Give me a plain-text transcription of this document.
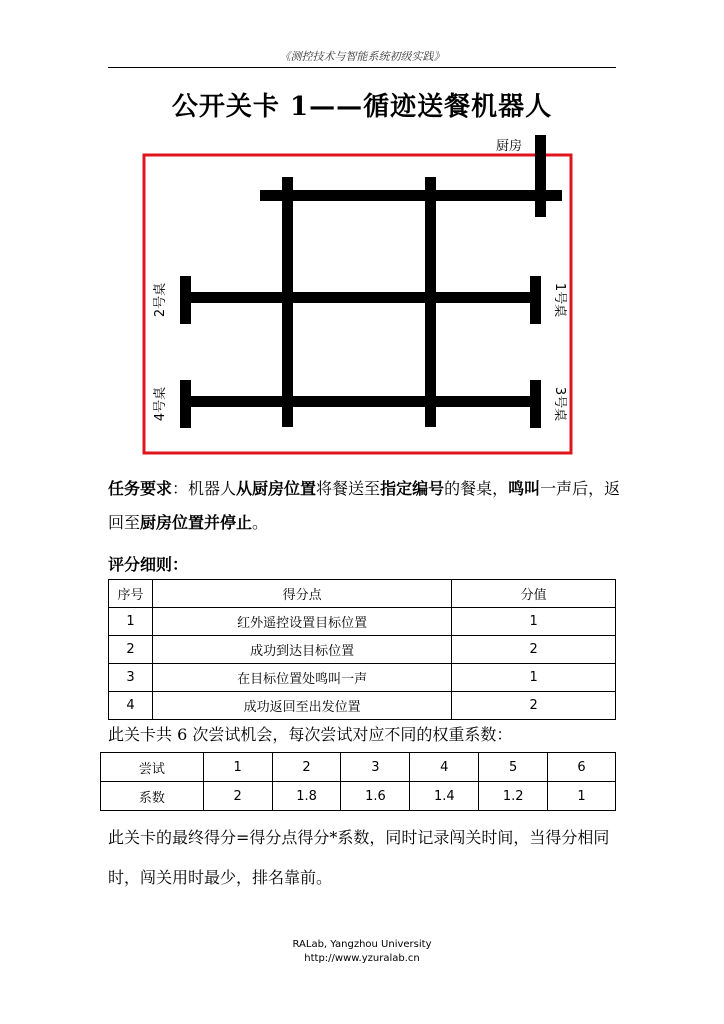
《测控技术与智能系统初级实践》
公开关卡 1——循迹送餐机器人
厨房
2号桌
4号桌
1号桌
3号桌
任务要求：机器人从厨房位置将餐送至指定编号的餐桌，鸣叫一声后，返回至厨房位置并停止。
评分细则：
序号	得分点	分值
1	红外遥控设置目标位置	1
2	成功到达目标位置	2
3	在目标位置处鸣叫一声	1
4	成功返回至出发位置	2
此关卡共 6 次尝试机会，每次尝试对应不同的权重系数：
尝试	1	2	3	4	5	6
系数	2	1.8	1.6	1.4	1.2	1
此关卡的最终得分=得分点得分*系数，同时记录闯关时间，当得分相同时，闯关用时最少，排名靠前。
RALab, Yangzhou University
http://www.yzuralab.cn
